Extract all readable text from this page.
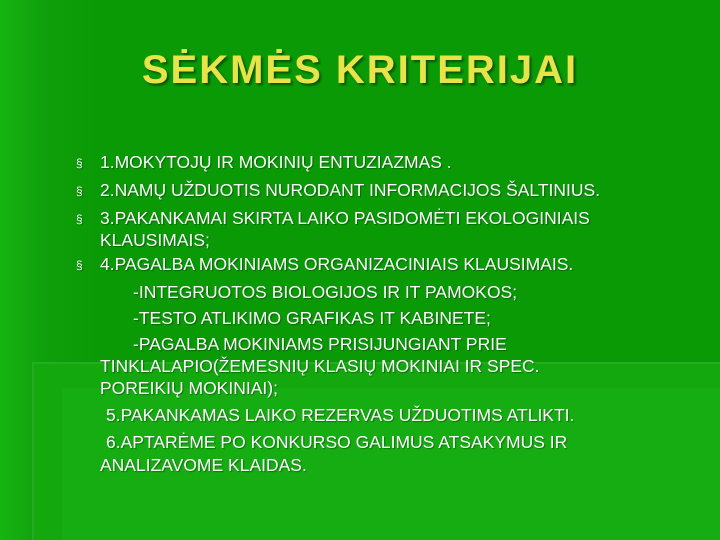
SĖKMĖS KRITERIJAI
§ 1.MOKYTOJŲ IR MOKINIŲ ENTUZIAZMAS .
§ 2.NAMŲ UŽDUOTIS NURODANT INFORMACIJOS ŠALTINIUS.
§ 3.PAKANKAMAI SKIRTA LAIKO PASIDOMĖTI EKOLOGINIAIS
KLAUSIMAIS;
§ 4.PAGALBA MOKINIAMS ORGANIZACINIAIS KLAUSIMAIS.
-INTEGRUOTOS BIOLOGIJOS IR IT PAMOKOS;
-TESTO ATLIKIMO GRAFIKAS IT KABINETE;
-PAGALBA MOKINIAMS PRISIJUNGIANT PRIE
TINKLALAPIO(ŽEMESNIŲ KLASIŲ MOKINIAI IR SPEC.
POREIKIŲ MOKINIAI);
5.PAKANKAMAS LAIKO REZERVAS UŽDUOTIMS ATLIKTI.
6.APTARĖME PO KONKURSO GALIMUS ATSAKYMUS IR
ANALIZAVOME KLAIDAS.
